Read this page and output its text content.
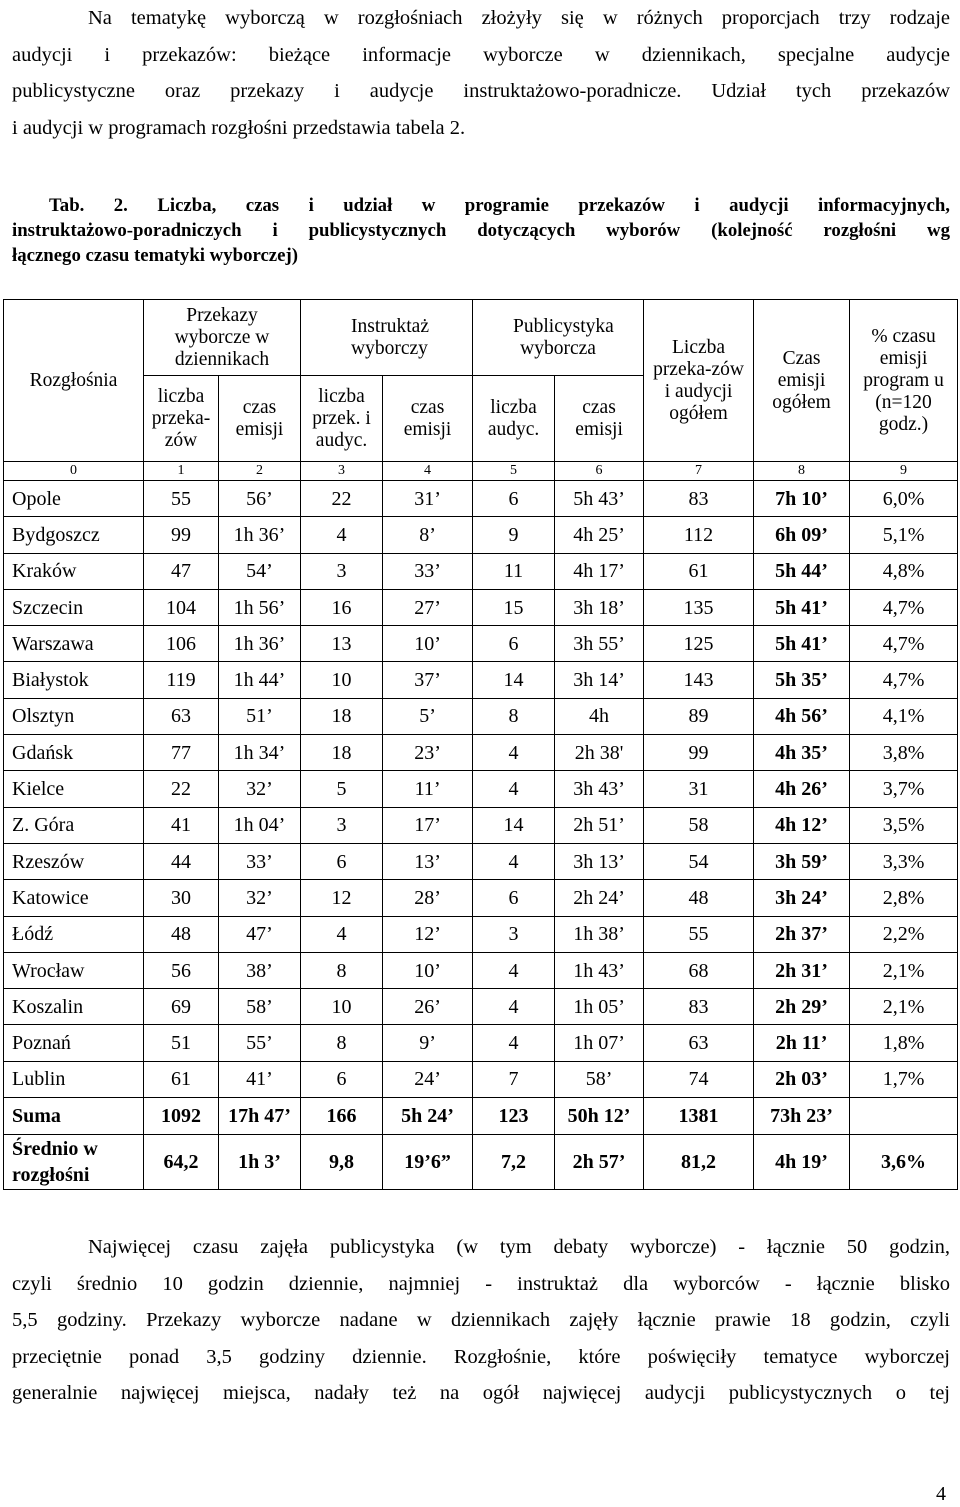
Na tematykę wyborczą w rozgłośniach złożyły się w różnych proporcjach trzy rodzaje
audycji i przekazów: bieżące informacje wyborcze w dziennikach, specjalne audycje
publicystyczne oraz przekazy i audycje instruktażowo-poradnicze. Udział tych przekazów
i audycji w programach rozgłośni przedstawia tabela 2.
Tab. 2. Liczba, czas i udział w programie przekazów i audycji informacyjnych,
instruktażowo-poradniczych i publicystycznych dotyczących wyborów (kolejność rozgłośni wg
łącznego czasu tematyki wyborczej)
Rozgłośnia	Przekazy wyborcze w dziennikach		Instruktaż wyborczy		Publicystyka wyborcza		Liczba przeka-zów i audycji ogółem	Czas emisji ogółem	% czasu emisji program u (n=120 godz.)
	liczba przeka-zów	czas emisji	liczba przek. i audyc.	czas emisji	liczba audyc.	czas emisji			
0	1	2	3	4	5	6	7	8	9
Opole	55	56’	22	31’	6	5h 43’	83	7h 10’	6,0%
Bydgoszcz	99	1h 36’	4	8’	9	4h 25’	112	6h 09’	5,1%
Kraków	47	54’	3	33’	11	4h 17’	61	5h 44’	4,8%
Szczecin	104	1h 56’	16	27’	15	3h 18’	135	5h 41’	4,7%
Warszawa	106	1h 36’	13	10’	6	3h 55’	125	5h 41’	4,7%
Białystok	119	1h 44’	10	37’	14	3h 14’	143	5h 35’	4,7%
Olsztyn	63	51’	18	5’	8	4h	89	4h 56’	4,1%
Gdańsk	77	1h 34’	18	23’	4	2h 38'	99	4h 35’	3,8%
Kielce	22	32’	5	11’	4	3h 43’	31	4h 26’	3,7%
Z. Góra	41	1h 04’	3	17’	14	2h 51’	58	4h 12’	3,5%
Rzeszów	44	33’	6	13’	4	3h 13’	54	3h 59’	3,3%
Katowice	30	32’	12	28’	6	2h 24’	48	3h 24’	2,8%
Łódź	48	47’	4	12’	3	1h 38’	55	2h 37’	2,2%
Wrocław	56	38’	8	10’	4	1h 43’	68	2h 31’	2,1%
Koszalin	69	58’	10	26’	4	1h 05’	83	2h 29’	2,1%
Poznań	51	55’	8	9’	4	1h 07’	63	2h 11’	1,8%
Lublin	61	41’	6	24’	7	58’	74	2h 03’	1,7%
Suma	1092	17h 47’	166	5h 24’	123	50h 12’	1381	73h 23’	
Średnio w rozgłośni	64,2	1h 3’	9,8	19’6”	7,2	2h 57’	81,2	4h 19’	3,6%
Najwięcej czasu zajęła publicystyka (w tym debaty wyborcze) - łącznie 50 godzin,
czyli średnio 10 godzin dziennie, najmniej - instruktaż dla wyborców - łącznie blisko
5,5 godziny. Przekazy wyborcze nadane w dziennikach zajęły łącznie prawie 18 godzin, czyli
przeciętnie ponad 3,5 godziny dziennie. Rozgłośnie, które poświęciły tematyce wyborczej
generalnie najwięcej miejsca, nadały też na ogół najwięcej audycji publicystycznych o tej
4
